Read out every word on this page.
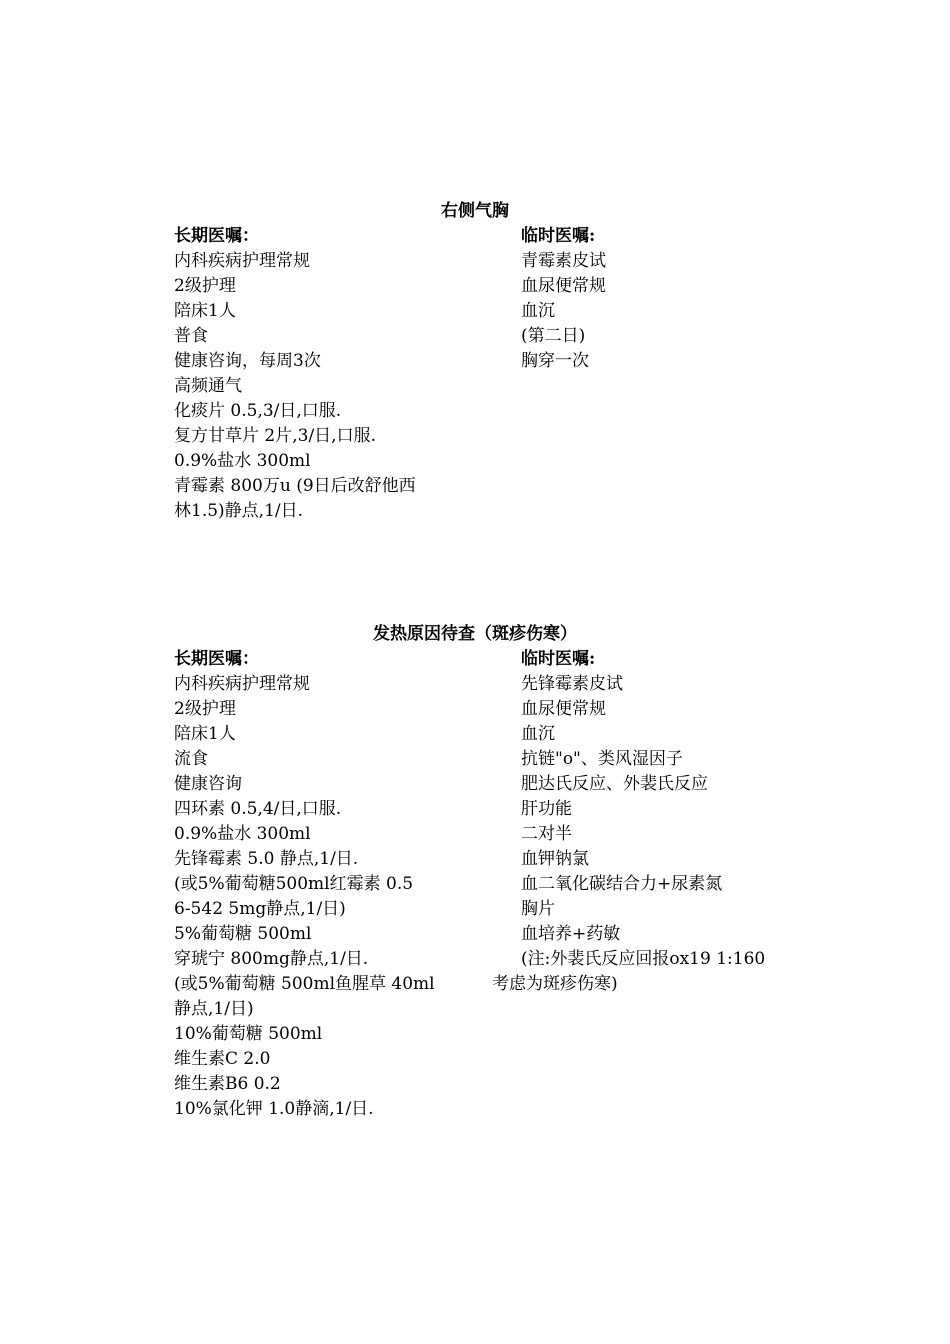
右侧气胸

长期医嘱：

内科疾病护理常规
2级护理
陪床1人
普食
健康咨询，每周3次
高频通气
化痰片 0.5,3/日,口服.
复方甘草片 2片,3/日,口服.
0.9%盐水 300ml
青霉素 800万u (9日后改舒他西
林1.5)静点,1/日.

临时医嘱:

青霉素皮试
血尿便常规
血沉
(第二日)
胸穿一次
发热原因待查（斑疹伤寒）

长期医嘱：

内科疾病护理常规
2级护理
陪床1人
流食
健康咨询
四环素 0.5,4/日,口服.
0.9%盐水 300ml
先锋霉素 5.0 静点,1/日.
(或5%葡萄糖500ml红霉素 0.5
6-542 5mg静点,1/日)
5%葡萄糖 500ml
穿琥宁 800mg静点,1/日.
(或5%葡萄糖 500ml鱼腥草 40ml
静点,1/日)
10%葡萄糖 500ml
维生素C 2.0
维生素B6 0.2
10%氯化钾 1.0静滴,1/日.

临时医嘱:

先锋霉素皮试
血尿便常规
血沉
抗链"o"、类风湿因子
肥达氏反应、外裴氏反应
肝功能
二对半
血钾钠氯
血二氧化碳结合力+尿素氮
胸片
血培养+药敏
(注:外裴氏反应回报ox19 1:160
考虑为斑疹伤寒)
